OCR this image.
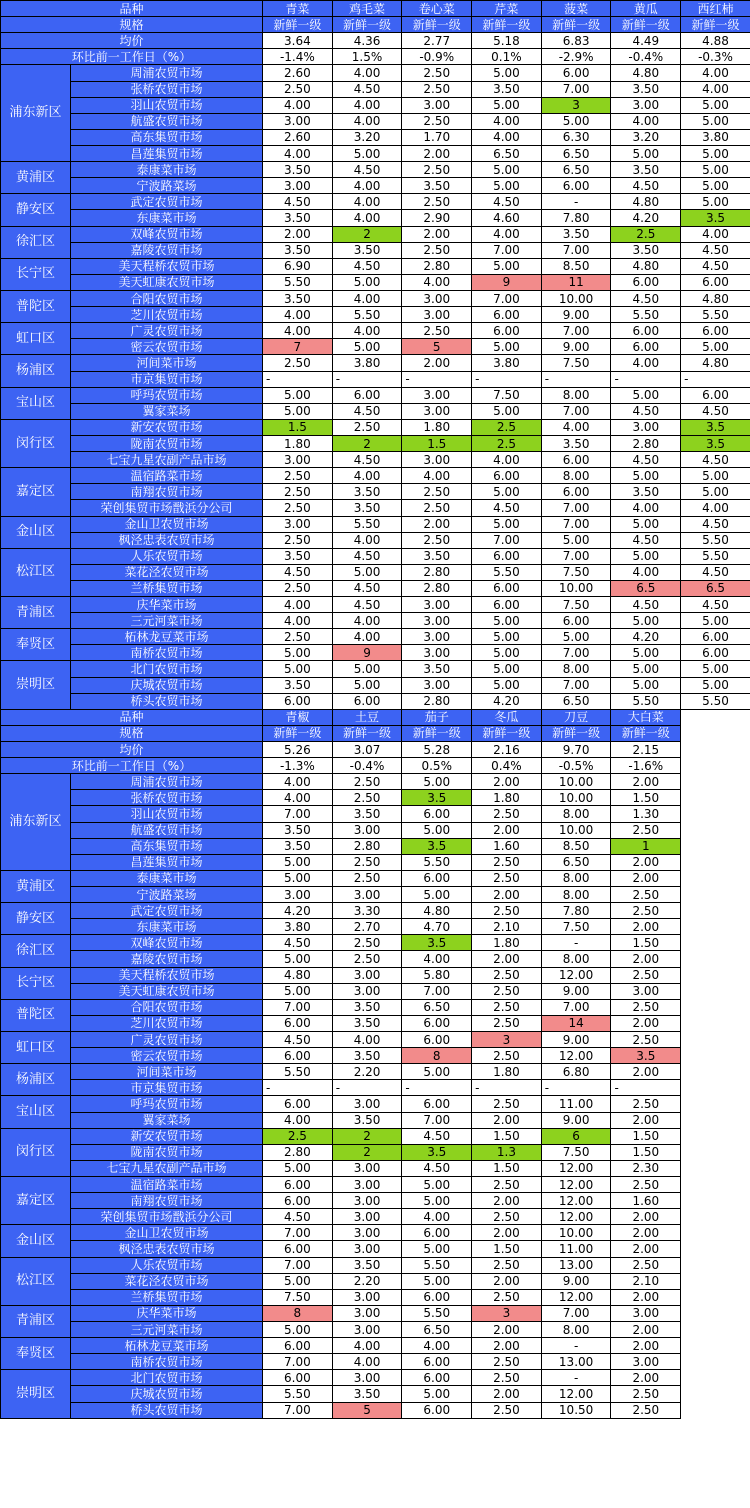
品种		青菜	鸡毛菜	卷心菜	芹菜	菠菜	黄瓜	西红柿
规格		新鲜一级	新鲜一级	新鲜一级	新鲜一级	新鲜一级	新鲜一级	新鲜一级
均价		3.64	4.36	2.77	5.18	6.83	4.49	4.88
环比前一工作日（%）		-1.4%	1.5%	-0.9%	0.1%	-2.9%	-0.4%	-0.3%
浦东新区	周浦农贸市场	2.60	4.00	2.50	5.00	6.00	4.80	4.00
	张桥农贸市场	2.50	4.50	2.50	3.50	7.00	3.50	4.00
	羽山农贸市场	4.00	4.00	3.00	5.00	3	3.00	5.00
	航盛农贸市场	3.00	4.00	2.50	4.00	5.00	4.00	5.00
	高东集贸市场	2.60	3.20	1.70	4.00	6.30	3.20	3.80
	昌莲集贸市场	4.00	5.00	2.00	6.50	6.50	5.00	5.00
黄浦区	泰康菜市场	3.50	4.50	2.50	5.00	6.50	3.50	5.00
	宁波路菜场	3.00	4.00	3.50	5.00	6.00	4.50	5.00
静安区	武定农贸市场	4.50	4.00	2.50	4.50	-	4.80	5.00
	东康菜市场	3.50	4.00	2.90	4.60	7.80	4.20	3.5
徐汇区	双峰农贸市场	2.00	2	2.00	4.00	3.50	2.5	4.00
	嘉陵农贸市场	3.50	3.50	2.50	7.00	7.00	3.50	4.50
长宁区	美天程桥农贸市场	6.90	4.50	2.80	5.00	8.50	4.80	4.50
	美天虹康农贸市场	5.50	5.00	4.00	9	11	6.00	6.00
普陀区	合阳农贸市场	3.50	4.00	3.00	7.00	10.00	4.50	4.80
	芝川农贸市场	4.00	5.50	3.00	6.00	9.00	5.50	5.50
虹口区	广灵农贸市场	4.00	4.00	2.50	6.00	7.00	6.00	6.00
	密云农贸市场	7	5.00	5	5.00	9.00	6.00	5.00
杨浦区	河间菜市场	2.50	3.80	2.00	3.80	7.50	4.00	4.80
	市京集贸市场	-	-	-	-	-	-	-
宝山区	呼玛农贸市场	5.00	6.00	3.00	7.50	8.00	5.00	6.00
	翼家菜场	5.00	4.50	3.00	5.00	7.00	4.50	4.50
闵行区	新安农贸市场	1.5	2.50	1.80	2.5	4.00	3.00	3.5
	陇南农贸市场	1.80	2	1.5	2.5	3.50	2.80	3.5
	七宝九星农副产品市场	3.00	4.50	3.00	4.00	6.00	4.50	4.50
嘉定区	温宿路菜市场	2.50	4.00	4.00	6.00	8.00	5.00	5.00
	南翔农贸市场	2.50	3.50	2.50	5.00	6.00	3.50	5.00
	荣创集贸市场戬浜分公司	2.50	3.50	2.50	4.50	7.00	4.00	4.00
金山区	金山卫农贸市场	3.00	5.50	2.00	5.00	7.00	5.00	4.50
	枫泾忠表农贸市场	2.50	4.00	2.50	7.00	5.00	4.50	5.50
松江区	人乐农贸市场	3.50	4.50	3.50	6.00	7.00	5.00	5.50
	菜花泾农贸市场	4.50	5.00	2.80	5.50	7.50	4.00	4.50
	兰桥集贸市场	2.50	4.50	2.80	6.00	10.00	6.5	6.5
青浦区	庆华菜市场	4.00	4.50	3.00	6.00	7.50	4.50	4.50
	三元河菜市场	4.00	4.00	3.00	5.00	6.00	5.00	5.00
奉贤区	柘林龙豆菜市场	2.50	4.00	3.00	5.00	5.00	4.20	6.00
	南桥农贸市场	5.00	9	3.00	5.00	7.00	5.00	6.00
崇明区	北门农贸市场	5.00	5.00	3.50	5.00	8.00	5.00	5.00
	庆城农贸市场	3.50	5.00	3.00	5.00	7.00	5.00	5.00
	桥头农贸市场	6.00	6.00	2.80	4.20	6.50	5.50	5.50
品种		青椒	土豆	茄子	冬瓜	刀豆	大白菜	
规格		新鲜一级	新鲜一级	新鲜一级	新鲜一级	新鲜一级	新鲜一级	
均价		5.26	3.07	5.28	2.16	9.70	2.15	
环比前一工作日（%）		-1.3%	-0.4%	0.5%	0.4%	-0.5%	-1.6%	
浦东新区	周浦农贸市场	4.00	2.50	5.00	2.00	10.00	2.00	
	张桥农贸市场	4.00	2.50	3.5	1.80	10.00	1.50	
	羽山农贸市场	7.00	3.50	6.00	2.50	8.00	1.30	
	航盛农贸市场	3.50	3.00	5.00	2.00	10.00	2.50	
	高东集贸市场	3.50	2.80	3.5	1.60	8.50	1	
	昌莲集贸市场	5.00	2.50	5.50	2.50	6.50	2.00	
黄浦区	泰康菜市场	5.00	2.50	6.00	2.50	8.00	2.00	
	宁波路菜场	3.00	3.00	5.00	2.00	8.00	2.50	
静安区	武定农贸市场	4.20	3.30	4.80	2.50	7.80	2.50	
	东康菜市场	3.80	2.70	4.70	2.10	7.50	2.00	
徐汇区	双峰农贸市场	4.50	2.50	3.5	1.80	-	1.50	
	嘉陵农贸市场	5.00	2.50	4.00	2.00	8.00	2.00	
长宁区	美天程桥农贸市场	4.80	3.00	5.80	2.50	12.00	2.50	
	美天虹康农贸市场	5.00	3.00	7.00	2.50	9.00	3.00	
普陀区	合阳农贸市场	7.00	3.50	6.50	2.50	7.00	2.50	
	芝川农贸市场	6.00	3.50	6.00	2.50	14	2.00	
虹口区	广灵农贸市场	4.50	4.00	6.00	3	9.00	2.50	
	密云农贸市场	6.00	3.50	8	2.50	12.00	3.5	
杨浦区	河间菜市场	5.50	2.20	5.00	1.80	6.80	2.00	
	市京集贸市场	-	-	-	-	-	-	
宝山区	呼玛农贸市场	6.00	3.00	6.00	2.50	11.00	2.50	
	翼家菜场	4.00	3.50	7.00	2.00	9.00	2.00	
闵行区	新安农贸市场	2.5	2	4.50	1.50	6	1.50	
	陇南农贸市场	2.80	2	3.5	1.3	7.50	1.50	
	七宝九星农副产品市场	5.00	3.00	4.50	1.50	12.00	2.30	
嘉定区	温宿路菜市场	6.00	3.00	5.00	2.50	12.00	2.50	
	南翔农贸市场	6.00	3.00	5.00	2.00	12.00	1.60	
	荣创集贸市场戬浜分公司	4.50	3.00	4.00	2.50	12.00	2.00	
金山区	金山卫农贸市场	7.00	3.00	6.00	2.00	10.00	2.00	
	枫泾忠表农贸市场	6.00	3.00	5.00	1.50	11.00	2.00	
松江区	人乐农贸市场	7.00	3.50	5.50	2.50	13.00	2.50	
	菜花泾农贸市场	5.00	2.20	5.00	2.00	9.00	2.10	
	兰桥集贸市场	7.50	3.00	6.00	2.50	12.00	2.00	
青浦区	庆华菜市场	8	3.00	5.50	3	7.00	3.00	
	三元河菜市场	5.00	3.00	6.50	2.00	8.00	2.00	
奉贤区	柘林龙豆菜市场	6.00	4.00	4.00	2.00	-	2.00	
	南桥农贸市场	7.00	4.00	6.00	2.50	13.00	3.00	
崇明区	北门农贸市场	6.00	3.00	6.00	2.50	-	2.00	
	庆城农贸市场	5.50	3.50	5.00	2.00	12.00	2.50	
	桥头农贸市场	7.00	5	6.00	2.50	10.50	2.50	
